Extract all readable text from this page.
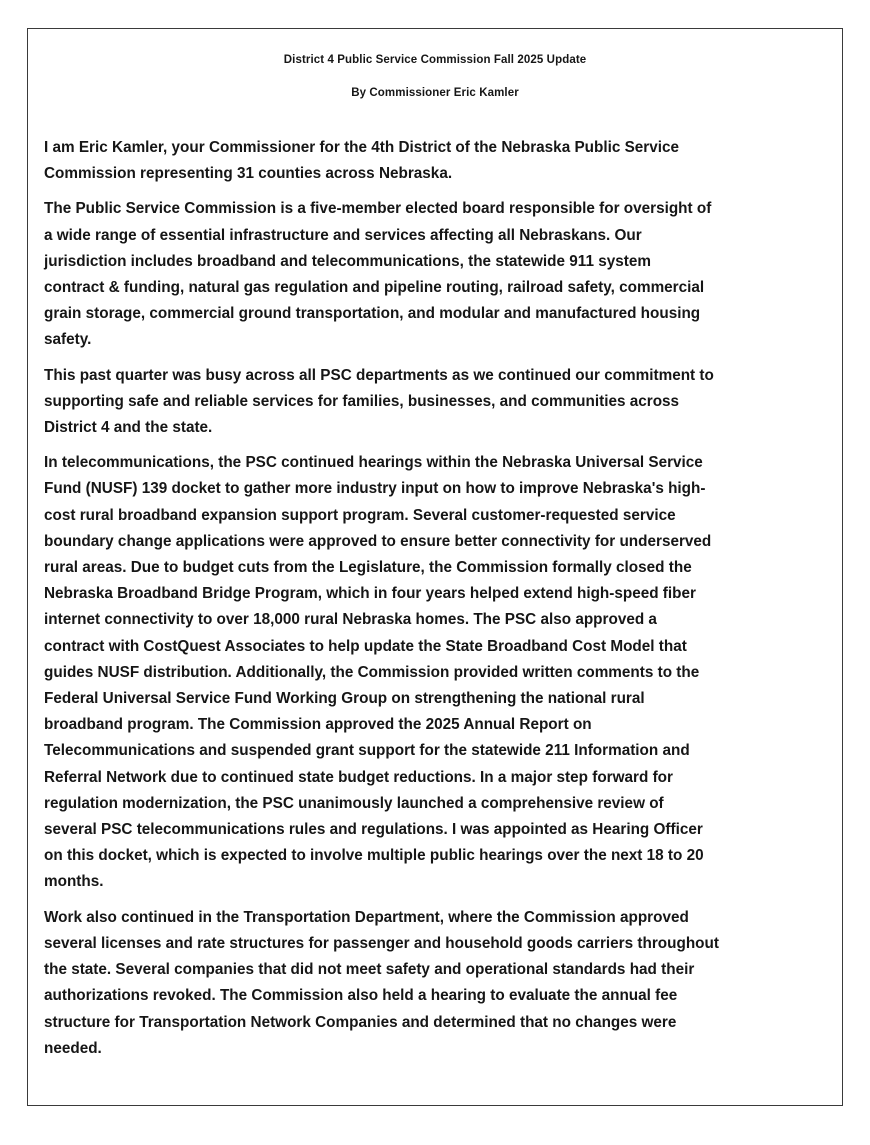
District 4 Public Service Commission Fall 2025 Update
By Commissioner Eric Kamler

I am Eric Kamler, your Commissioner for the 4th District of the Nebraska Public Service
Commission representing 31 counties across Nebraska.

The Public Service Commission is a five-member elected board responsible for oversight of
a wide range of essential infrastructure and services affecting all Nebraskans. Our
jurisdiction includes broadband and telecommunications, the statewide 911 system
contract & funding, natural gas regulation and pipeline routing, railroad safety, commercial
grain storage, commercial ground transportation, and modular and manufactured housing
safety.

This past quarter was busy across all PSC departments as we continued our commitment to
supporting safe and reliable services for families, businesses, and communities across
District 4 and the state.

In telecommunications, the PSC continued hearings within the Nebraska Universal Service
Fund (NUSF) 139 docket to gather more industry input on how to improve Nebraska's high-
cost rural broadband expansion support program. Several customer-requested service
boundary change applications were approved to ensure better connectivity for underserved
rural areas. Due to budget cuts from the Legislature, the Commission formally closed the
Nebraska Broadband Bridge Program, which in four years helped extend high-speed fiber
internet connectivity to over 18,000 rural Nebraska homes. The PSC also approved a
contract with CostQuest Associates to help update the State Broadband Cost Model that
guides NUSF distribution. Additionally, the Commission provided written comments to the
Federal Universal Service Fund Working Group on strengthening the national rural
broadband program. The Commission approved the 2025 Annual Report on
Telecommunications and suspended grant support for the statewide 211 Information and
Referral Network due to continued state budget reductions. In a major step forward for
regulation modernization, the PSC unanimously launched a comprehensive review of
several PSC telecommunications rules and regulations. I was appointed as Hearing Officer
on this docket, which is expected to involve multiple public hearings over the next 18 to 20
months.

Work also continued in the Transportation Department, where the Commission approved
several licenses and rate structures for passenger and household goods carriers throughout
the state. Several companies that did not meet safety and operational standards had their
authorizations revoked. The Commission also held a hearing to evaluate the annual fee
structure for Transportation Network Companies and determined that no changes were
needed.
